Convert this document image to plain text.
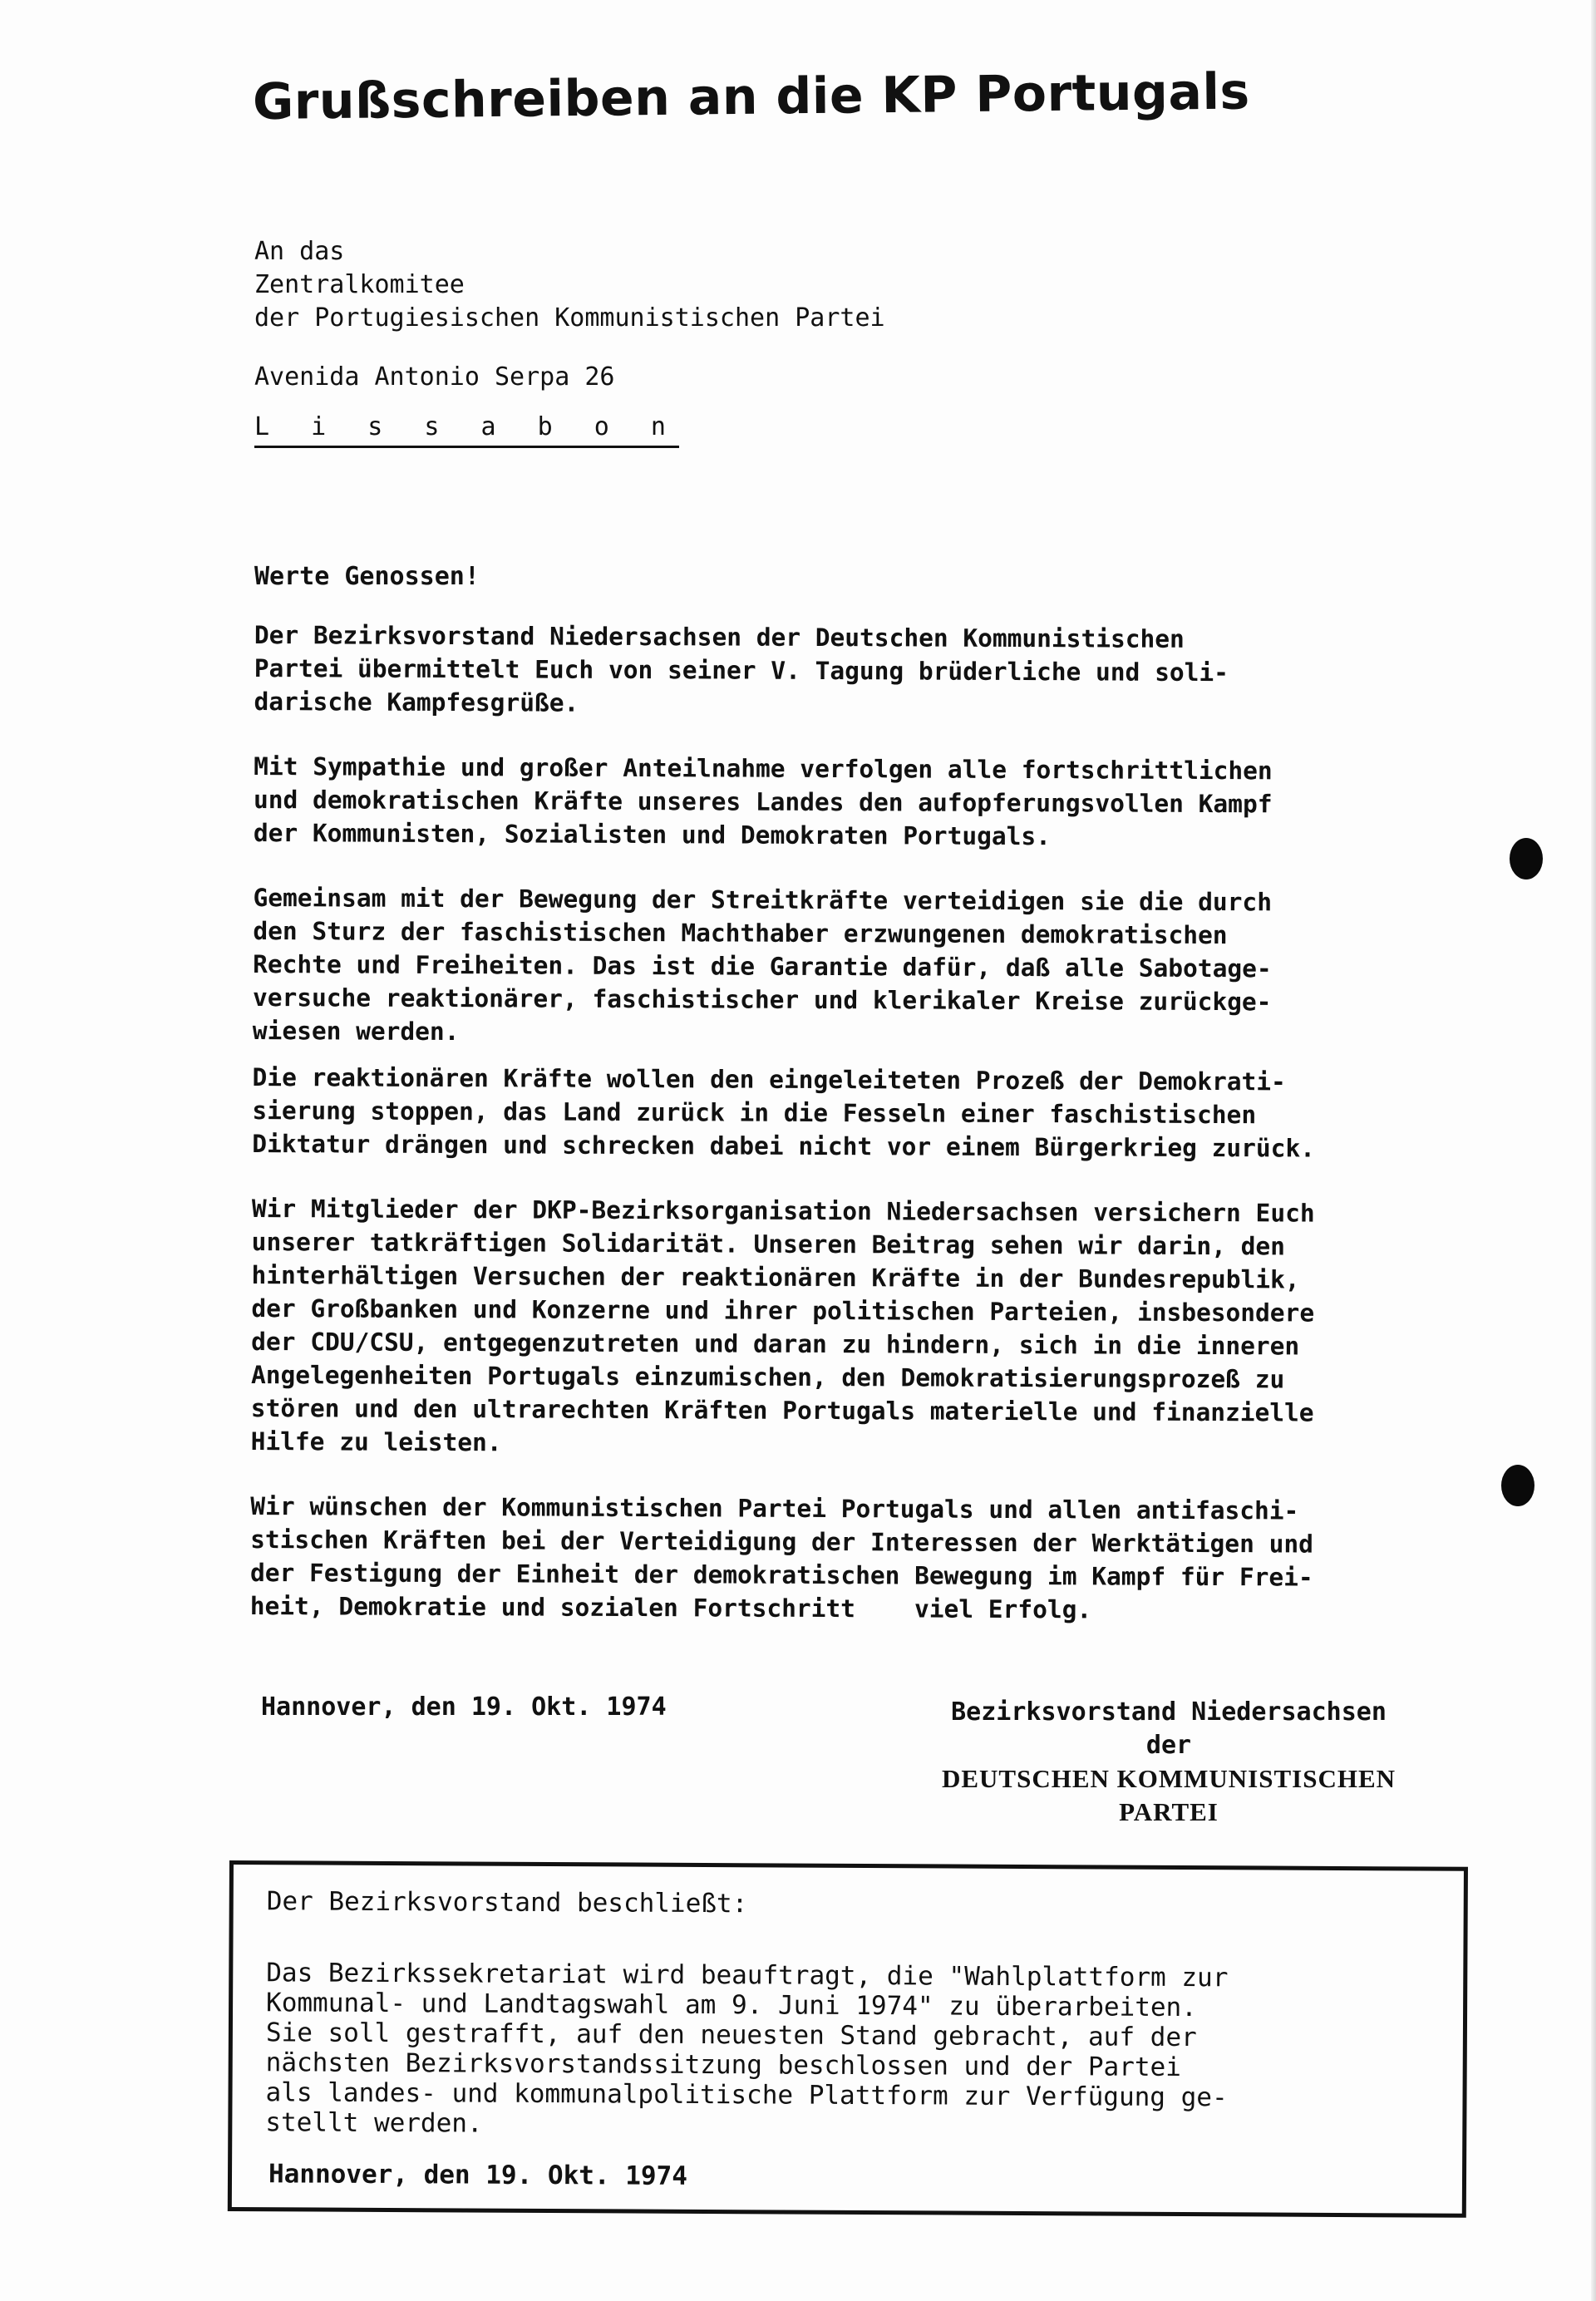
Grußschreiben an die KP Portugals
An das
Zentralkomitee
der Portugiesischen Kommunistischen Partei
Avenida Antonio Serpa 26
L i s s a b o n
Werte Genossen!

Der Bezirksvorstand Niedersachsen der Deutschen Kommunistischen
Partei übermittelt Euch von seiner V. Tagung brüderliche und soli-
darische Kampfesgrüße.

Mit Sympathie und großer Anteilnahme verfolgen alle fortschrittlichen
und demokratischen Kräfte unseres Landes den aufopferungsvollen Kampf
der Kommunisten, Sozialisten und Demokraten Portugals.

Gemeinsam mit der Bewegung der Streitkräfte verteidigen sie die durch
den Sturz der faschistischen Machthaber erzwungenen demokratischen
Rechte und Freiheiten. Das ist die Garantie dafür, daß alle Sabotage-
versuche reaktionärer, faschistischer und klerikaler Kreise zurückge-
wiesen werden.

Die reaktionären Kräfte wollen den eingeleiteten Prozeß der Demokrati-
sierung stoppen, das Land zurück in die Fesseln einer faschistischen
Diktatur drängen und schrecken dabei nicht vor einem Bürgerkrieg zurück.

Wir Mitglieder der DKP-Bezirksorganisation Niedersachsen versichern Euch
unserer tatkräftigen Solidarität. Unseren Beitrag sehen wir darin, den
hinterhältigen Versuchen der reaktionären Kräfte in der Bundesrepublik,
der Großbanken und Konzerne und ihrer politischen Parteien, insbesondere
der CDU/CSU, entgegenzutreten und daran zu hindern, sich in die inneren
Angelegenheiten Portugals einzumischen, den Demokratisierungsprozeß zu
stören und den ultrarechten Kräften Portugals materielle und finanzielle
Hilfe zu leisten.

Wir wünschen der Kommunistischen Partei Portugals und allen antifaschi-
stischen Kräften bei der Verteidigung der Interessen der Werktätigen und
der Festigung der Einheit der demokratischen Bewegung im Kampf für Frei-
heit, Demokratie und sozialen Fortschritt    viel Erfolg.

Hannover, den 19. Okt. 1974	Bezirksvorstand Niedersachsen
der
DEUTSCHEN KOMMUNISTISCHEN PARTEI
Der Bezirksvorstand beschließt:
Das Bezirkssekretariat wird beauftragt, die "Wahlplattform zur
Kommunal- und Landtagswahl am 9. Juni 1974" zu überarbeiten.
Sie soll gestrafft, auf den neuesten Stand gebracht, auf der
nächsten Bezirksvorstandssitzung beschlossen und der Partei
als landes- und kommunalpolitische Plattform zur Verfügung ge-
stellt werden.
Hannover, den 19. Okt. 1974
